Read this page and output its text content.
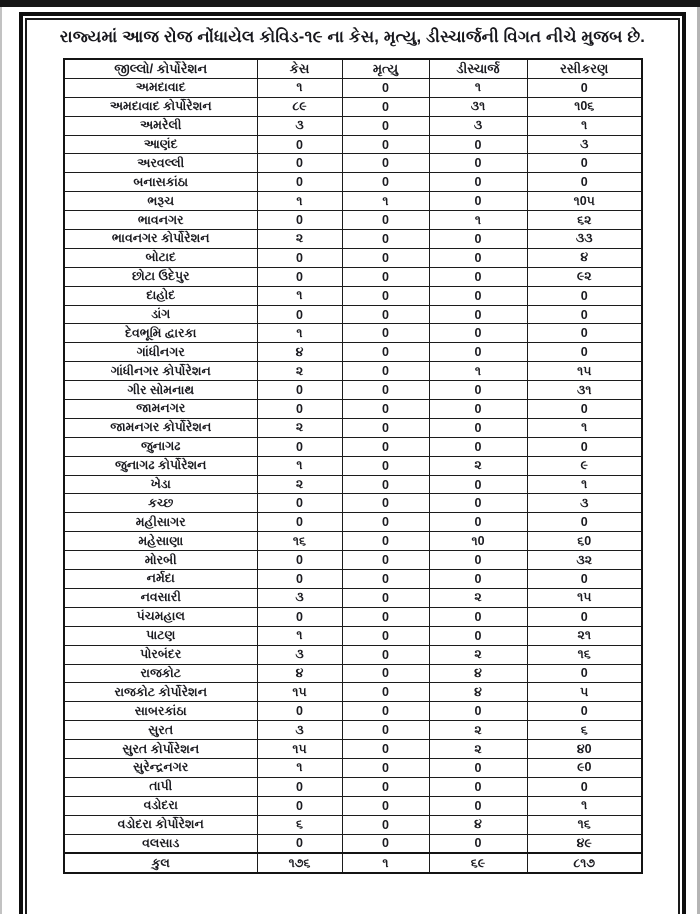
રાજ્યમાં આજ રોજ નોંધાયેલ કોવિડ-૧૯ ના કેસ, મૃત્યુ, ડીસ્ચાર્જની વિગત નીચે મુજબ છે.
જીલ્લો/ કોર્પોરેશન	કેસ	મૃત્યુ	ડીસ્ચાર્જ	રસીકરણ
અમદાવાદ	૧	0	૧	0
અમદાવાદ કોર્પોરેશન	૮૯	0	૩૧	૧0૬
અમરેલી	૩	0	૩	૧
આણંદ	0	0	0	૩
અરવલ્લી	0	0	0	0
બનાસકાંઠા	0	0	0	0
ભરૂચ	૧	૧	0	૧0૫
ભાવનગર	0	0	૧	૬૨
ભાવનગર કોર્પોરેશન	૨	0	0	૩૩
બોટાદ	0	0	0	૪
છોટા ઉદેપુર	0	0	0	૯૨
દાહોદ	૧	0	0	0
ડાંગ	0	0	0	0
દેવભૂમિ દ્વારકા	૧	0	0	0
ગાંધીનગર	૪	0	0	0
ગાંધીનગર કોર્પોરેશન	૨	0	૧	૧૫
ગીર સોમનાથ	0	0	0	૩૧
જામનગર	0	0	0	0
જામનગર કોર્પોરેશન	૨	0	0	૧
જુનાગઢ	0	0	0	0
જુનાગઢ કોર્પોરેશન	૧	0	૨	૯
ખેડા	૨	0	0	૧
કચ્છ	0	0	0	૩
મહીસાગર	0	0	0	0
મહેસાણા	૧૬	0	૧0	૬0
મોરબી	0	0	0	૩૨
નર્મદા	0	0	0	0
નવસારી	૩	0	૨	૧૫
પંચમહાલ	0	0	0	0
પાટણ	૧	0	0	૨૧
પોરબંદર	૩	0	૨	૧૬
રાજકોટ	૪	0	૪	0
રાજકોટ કોર્પોરેશન	૧૫	0	૪	૫
સાબરકાંઠા	0	0	0	0
સુરત	૩	0	૨	૬
સુરત કોર્પોરેશન	૧૫	0	૨	૪0
સુરેન્દ્રનગર	૧	0	0	૯0
તાપી	0	0	0	0
વડોદરા	0	0	0	૧
વડોદરા કોર્પોરેશન	૬	0	૪	૧૬
વલસાડ	0	0	0	૪૯
કુલ	૧૭૬	૧	૬૯	૮૧૭
